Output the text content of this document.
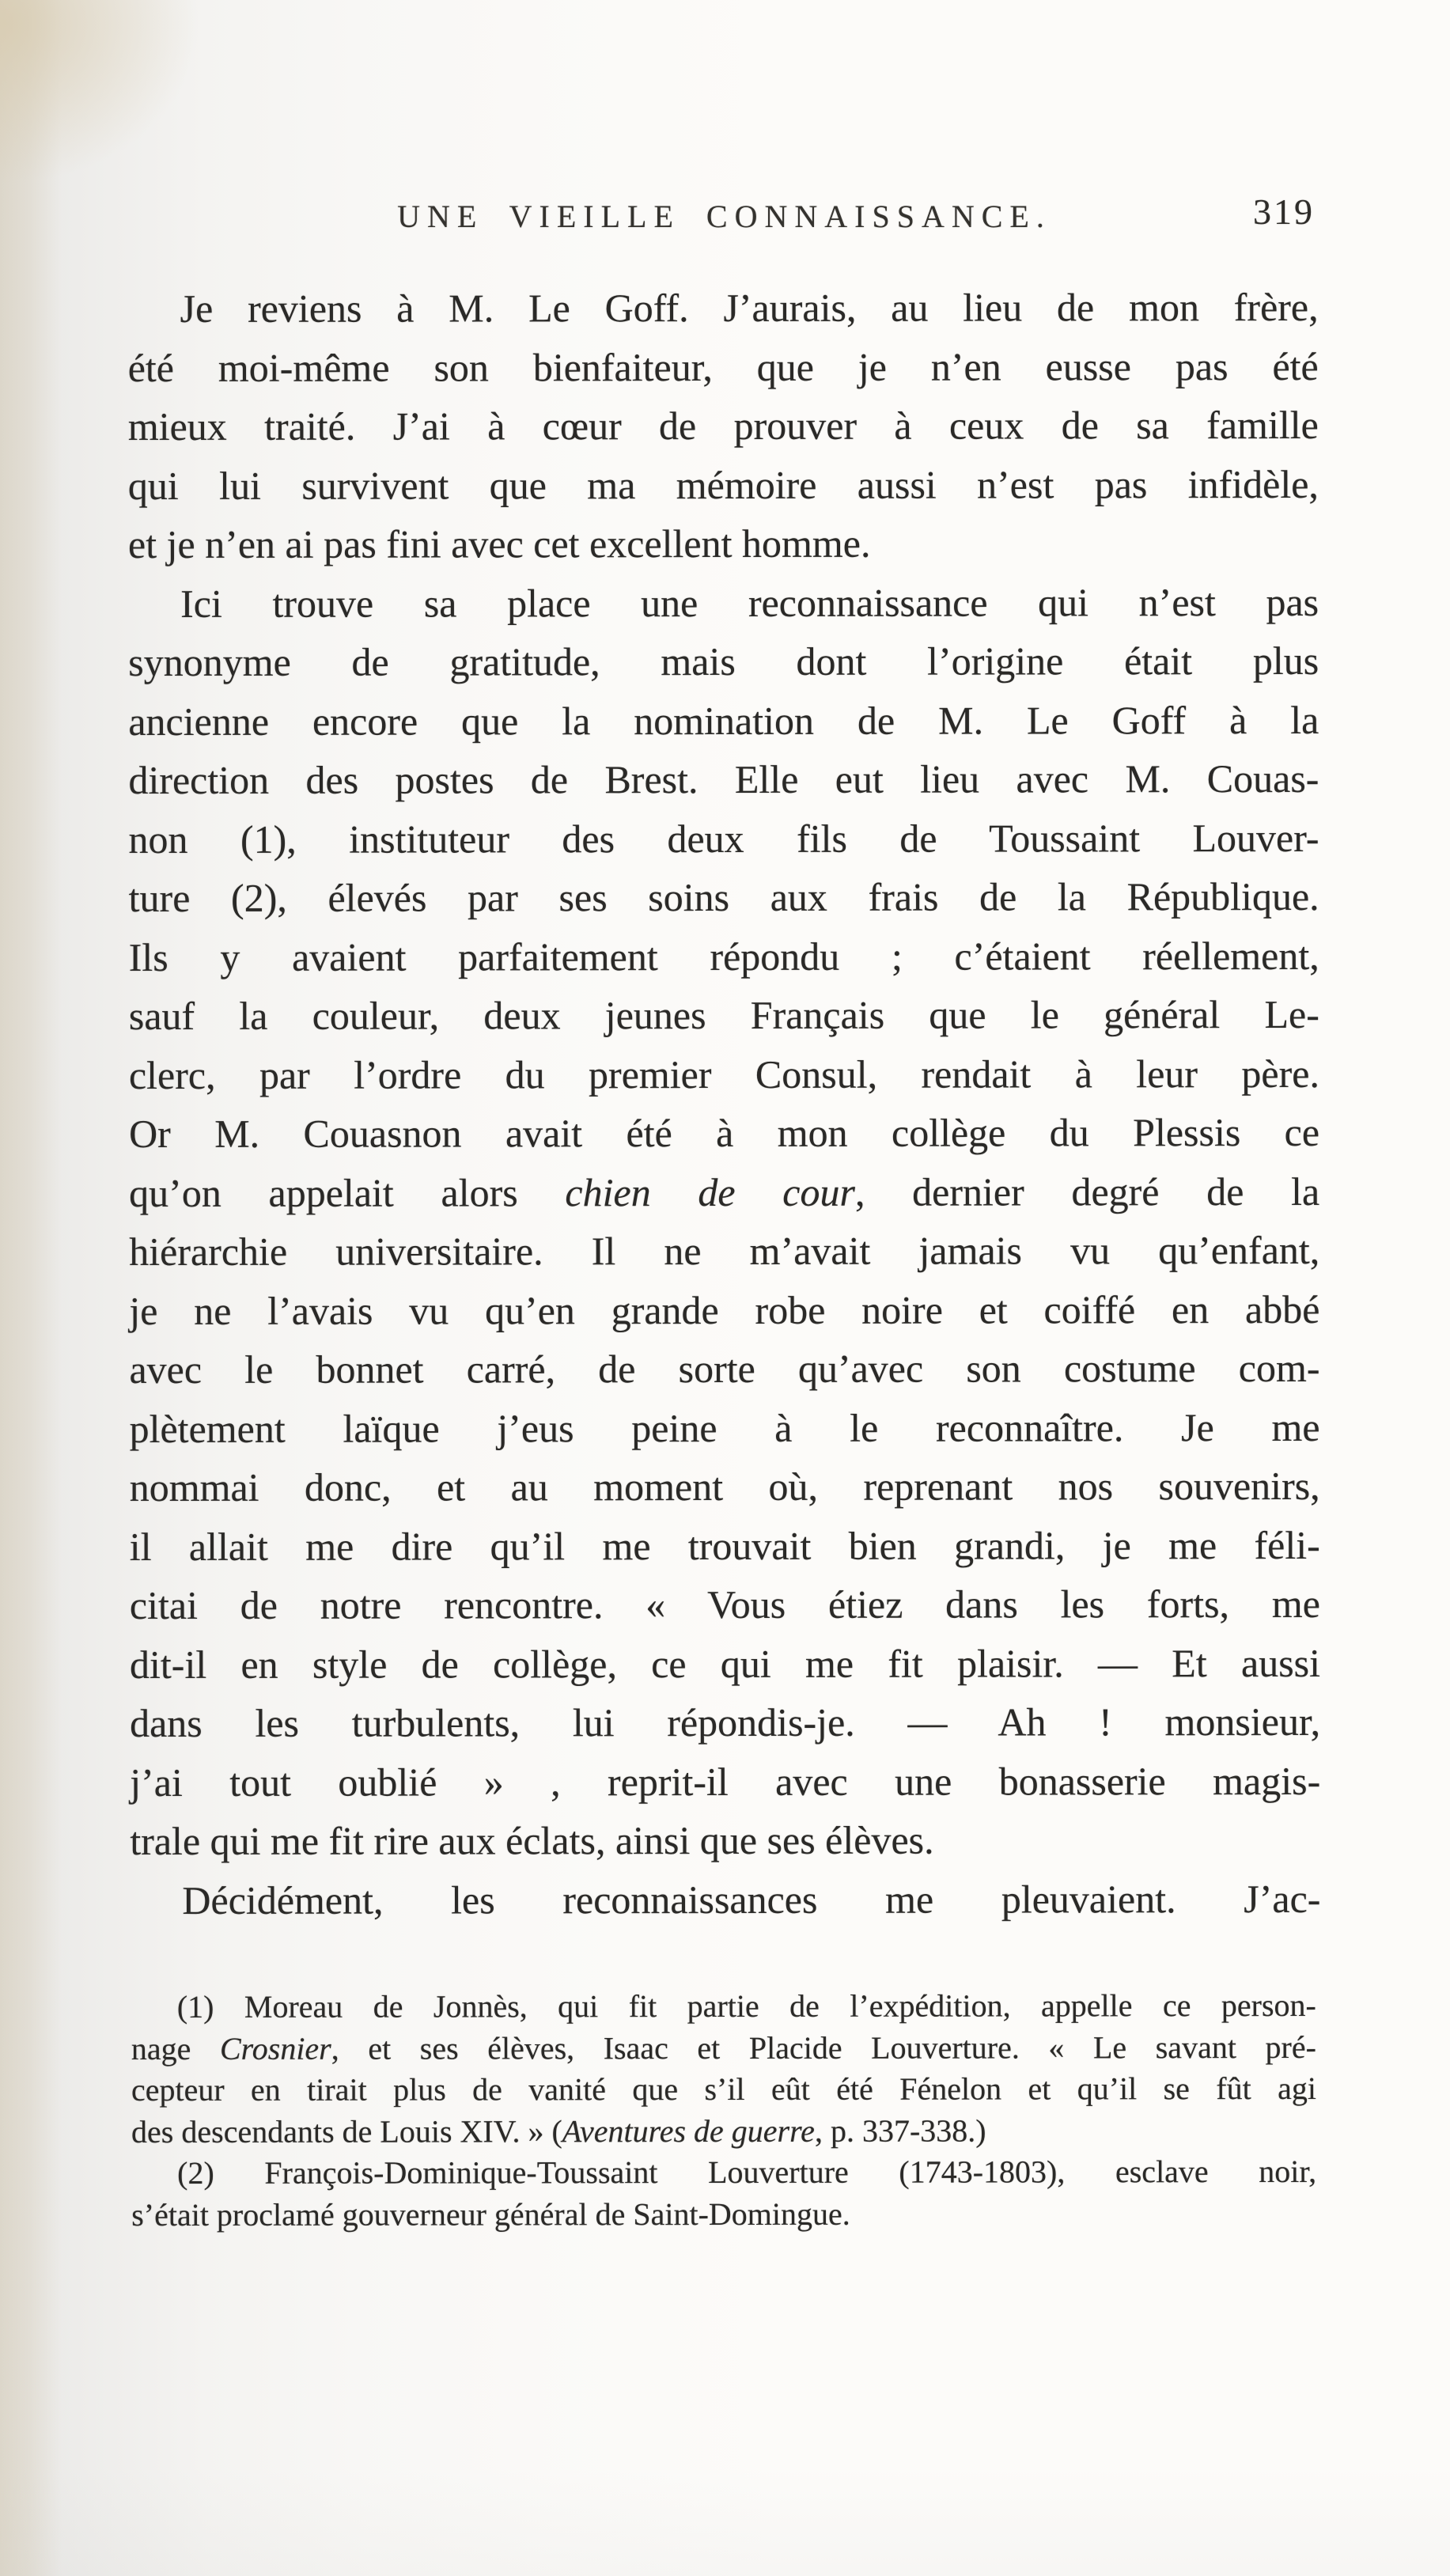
UNE VIEILLE CONNAISSANCE.	319
Je reviens à M. Le Goff. J’aurais, au lieu de mon frère,
été moi-même son bienfaiteur, que je n’en eusse pas été
mieux traité. J’ai à cœur de prouver à ceux de sa famille
qui lui survivent que ma mémoire aussi n’est pas infidèle,
et je n’en ai pas fini avec cet excellent homme.
Ici trouve sa place une reconnaissance qui n’est pas
synonyme de gratitude, mais dont l’origine était plus
ancienne encore que la nomination de M. Le Goff à la
direction des postes de Brest. Elle eut lieu avec M. Couas-
non (1), instituteur des deux fils de Toussaint Louver-
ture (2), élevés par ses soins aux frais de la République.
Ils y avaient parfaitement répondu ; c’étaient réellement,
sauf la couleur, deux jeunes Français que le général Le-
clerc, par l’ordre du premier Consul, rendait à leur père.
Or M. Couasnon avait été à mon collège du Plessis ce
qu’on appelait alors chien de cour, dernier degré de la
hiérarchie universitaire. Il ne m’avait jamais vu qu’enfant,
je ne l’avais vu qu’en grande robe noire et coiffé en abbé
avec le bonnet carré, de sorte qu’avec son costume com-
plètement laïque j’eus peine à le reconnaître. Je me
nommai donc, et au moment où, reprenant nos souvenirs,
il allait me dire qu’il me trouvait bien grandi, je me féli-
citai de notre rencontre. « Vous étiez dans les forts, me
dit-il en style de collège, ce qui me fit plaisir. — Et aussi
dans les turbulents, lui répondis-je. — Ah ! monsieur,
j’ai tout oublié » , reprit-il avec une bonasserie magis-
trale qui me fit rire aux éclats, ainsi que ses élèves.
Décidément, les reconnaissances me pleuvaient. J’ac-
(1) Moreau de Jonnès, qui fit partie de l’expédition, appelle ce person-
nage Crosnier, et ses élèves, Isaac et Placide Louverture. « Le savant pré-
cepteur en tirait plus de vanité que s’il eût été Fénelon et qu’il se fût agi
des descendants de Louis XIV. » (Aventures de guerre, p. 337-338.)
(2) François-Dominique-Toussaint Louverture (1743-1803), esclave noir,
s’était proclamé gouverneur général de Saint-Domingue.
